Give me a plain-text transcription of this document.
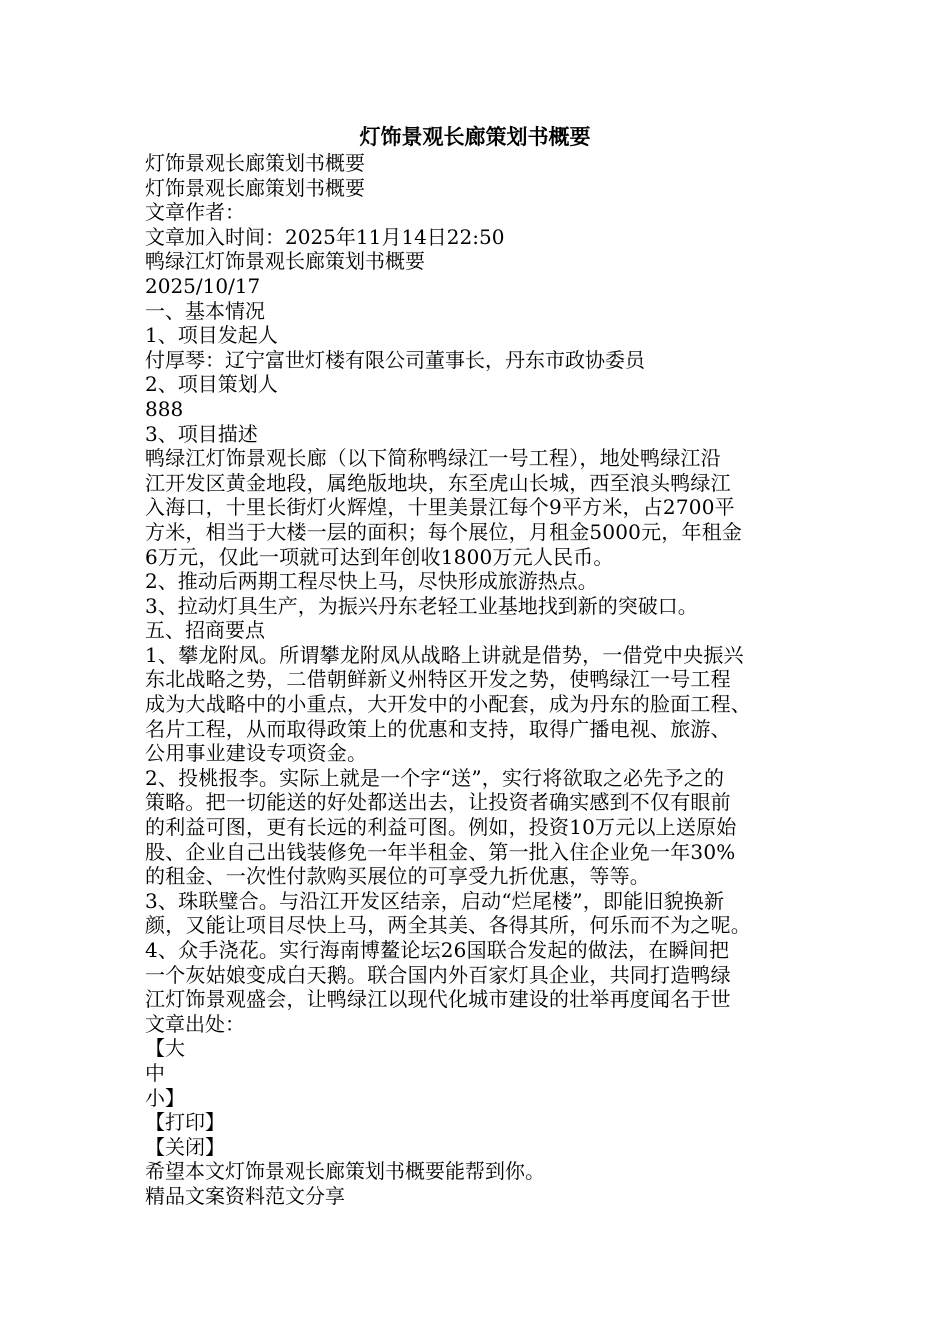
灯饰景观长廊策划书概要

灯饰景观长廊策划书概要

灯饰景观长廊策划书概要

文章作者：

文章加入时间：2025年11月14日22:50

鸭绿江灯饰景观长廊策划书概要

2025/10/17

一、基本情况

1、项目发起人

付厚琴：辽宁富世灯楼有限公司董事长，丹东市政协委员

2、项目策划人

888

3、项目描述

鸭绿江灯饰景观长廊（以下简称鸭绿江一号工程），地处鸭绿江沿
江开发区黄金地段，属绝版地块，东至虎山长城，西至浪头鸭绿江
入海口，十里长街灯火辉煌，十里美景江每个9平方米，占2700平
方米，相当于大楼一层的面积；每个展位，月租金5000元，年租金
6万元，仅此一项就可达到年创收1800万元人民币。

2、推动后两期工程尽快上马，尽快形成旅游热点。

3、拉动灯具生产，为振兴丹东老轻工业基地找到新的突破口。

五、招商要点

1、攀龙附凤。所谓攀龙附凤从战略上讲就是借势，一借党中央振兴
东北战略之势，二借朝鲜新义州特区开发之势，使鸭绿江一号工程
成为大战略中的小重点，大开发中的小配套，成为丹东的脸面工程、
名片工程，从而取得政策上的优惠和支持，取得广播电视、旅游、
公用事业建设专项资金。

2、投桃报李。实际上就是一个字“送”，实行将欲取之必先予之的
策略。把一切能送的好处都送出去，让投资者确实感到不仅有眼前
的利益可图，更有长远的利益可图。例如，投资10万元以上送原始
股、企业自己出钱装修免一年半租金、第一批入住企业免一年30%
的租金、一次性付款购买展位的可享受九折优惠，等等。

3、珠联璧合。与沿江开发区结亲，启动“烂尾楼”，即能旧貌换新
颜，又能让项目尽快上马，两全其美、各得其所，何乐而不为之呢。

4、众手浇花。实行海南博鳌论坛26国联合发起的做法，在瞬间把
一个灰姑娘变成白天鹅。联合国内外百家灯具企业，共同打造鸭绿
江灯饰景观盛会，让鸭绿江以现代化城市建设的壮举再度闻名于世

文章出处：

【大
中
小】
【打印】
【关闭】

希望本文灯饰景观长廊策划书概要能帮到你。

精品文案资料范文分享
